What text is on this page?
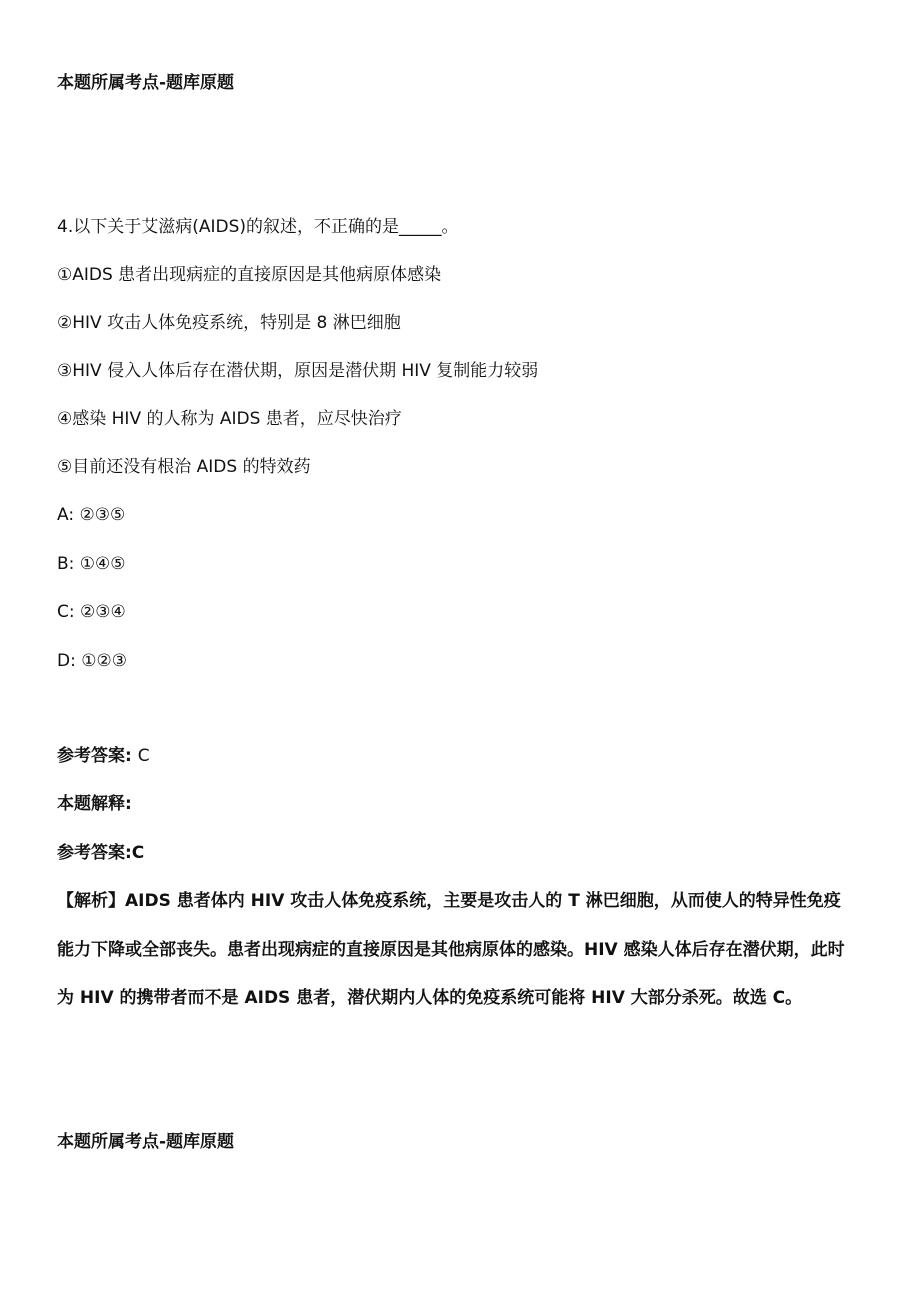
本题所属考点-题库原题
4.以下关于艾滋病(AIDS)的叙述，不正确的是_____。
①AIDS 患者出现病症的直接原因是其他病原体感染
②HIV 攻击人体免疫系统，特别是 8 淋巴细胞
③HIV 侵入人体后存在潜伏期，原因是潜伏期 HIV 复制能力较弱
④感染 HIV 的人称为 AIDS 患者，应尽快治疗
⑤目前还没有根治 AIDS 的特效药
A: ②③⑤
B: ①④⑤
C: ②③④
D: ①②③
参考答案: C
本题解释:
参考答案:C
【解析】AIDS 患者体内 HIV 攻击人体免疫系统，主要是攻击人的 T 淋巴细胞，从而使人的特异性免疫能力下降或全部丧失。患者出现病症的直接原因是其他病原体的感染。HIV 感染人体后存在潜伏期，此时为 HIV 的携带者而不是 AIDS 患者，潜伏期内人体的免疫系统可能将 HIV 大部分杀死。故选 C。
本题所属考点-题库原题
